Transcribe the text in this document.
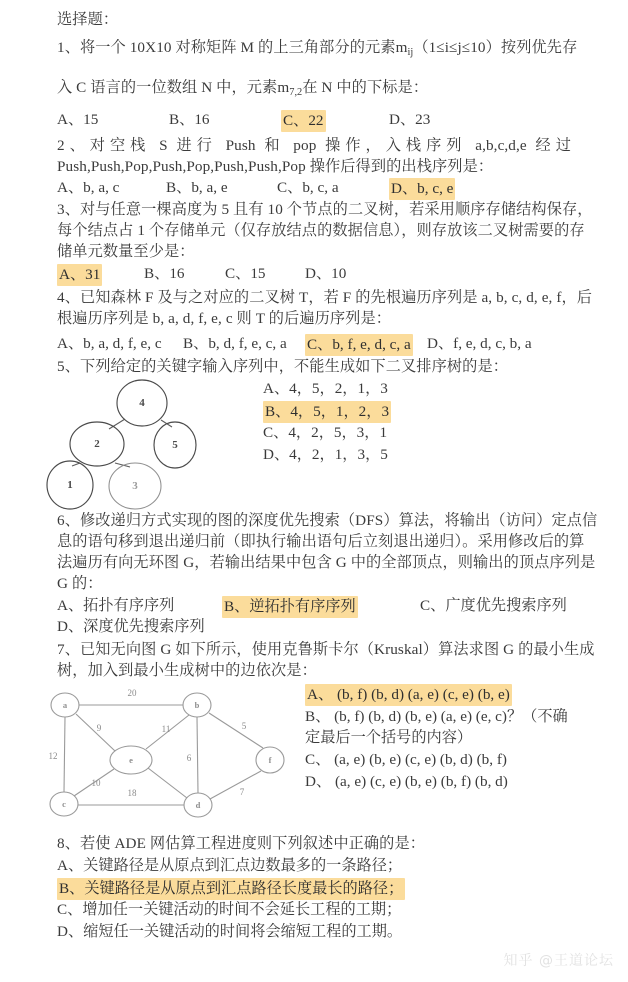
选择题：
1、将一个 10X10 对称矩阵 M 的上三角部分的元素mij（1≤i≤j≤10）按列优先存
入 C 语言的一位数组 N 中，元素m7,2在 N 中的下标是：
A、15	B、16	C、22	D、23
2、对空栈 S 进行 Push 和 pop 操作，入栈序列 a,b,c,d,e 经过
Push,Push,Pop,Push,Pop,Push,Push,Pop 操作后得到的出栈序列是：
A、b, a, c	B、b, a, e	C、b, c, a	D、b, c, e
3、对与任意一棵高度为 5 且有 10 个节点的二叉树，若采用顺序存储结构保存，
每个结点占 1 个存储单元（仅存放结点的数据信息），则存放该二叉树需要的存
储单元数量至少是：
A、31	B、16	C、15	D、10
4、已知森林 F 及与之对应的二叉树 T，若 F 的先根遍历序列是 a, b, c, d, e, f，后
根遍历序列是 b, a, d, f, e, c 则 T 的后遍历序列是：
A、b, a, d, f, e, c B、b, d, f, e, c, a C、b, f, e, d, c, a D、f, e, d, c, b, a
5、下列给定的关键字输入序列中，不能生成如下二叉排序树的是：
4
2	5
1	3
A、4，5，2，1，3
B、4，5，1，2，3
C、4，2，5，3，1
D、4，2，1，3，5
6、修改递归方式实现的图的深度优先搜索（DFS）算法，将输出（访问）定点信
息的语句移到退出递归前（即执行输出语句后立刻退出递归）。采用修改后的算
法遍历有向无环图 G，若输出结果中包含 G 中的全部顶点，则输出的顶点序列是
G 的：
A、拓扑有序序列	B、逆拓扑有序序列	C、广度优先搜索序列
D、深度优先搜索序列
7、已知无向图 G 如下所示，使用克鲁斯卡尔（Kruskal）算法求图 G 的最小生成
树，加入到最小生成树中的边依次是：
a	b
e
c	d
f
20
9
12
11
6
5
10
18	7
A、 (b, f) (b, d) (a, e) (c, e) (b, e)
B、 (b, f) (b, d) (b, e) (a, e) (e, c)？（不确
定最后一个括号的内容）
C、 (a, e) (b, e) (c, e) (b, d) (b, f)
D、 (a, e) (c, e) (b, e) (b, f) (b, d)
8、若使 ADE 网估算工程进度则下列叙述中正确的是：
A、关键路径是从原点到汇点边数最多的一条路径；
B、关键路径是从原点到汇点路径长度最长的路径；
C、增加任一关键活动的时间不会延长工程的工期；
D、缩短任一关键活动的时间将会缩短工程的工期。
知乎 @王道论坛
